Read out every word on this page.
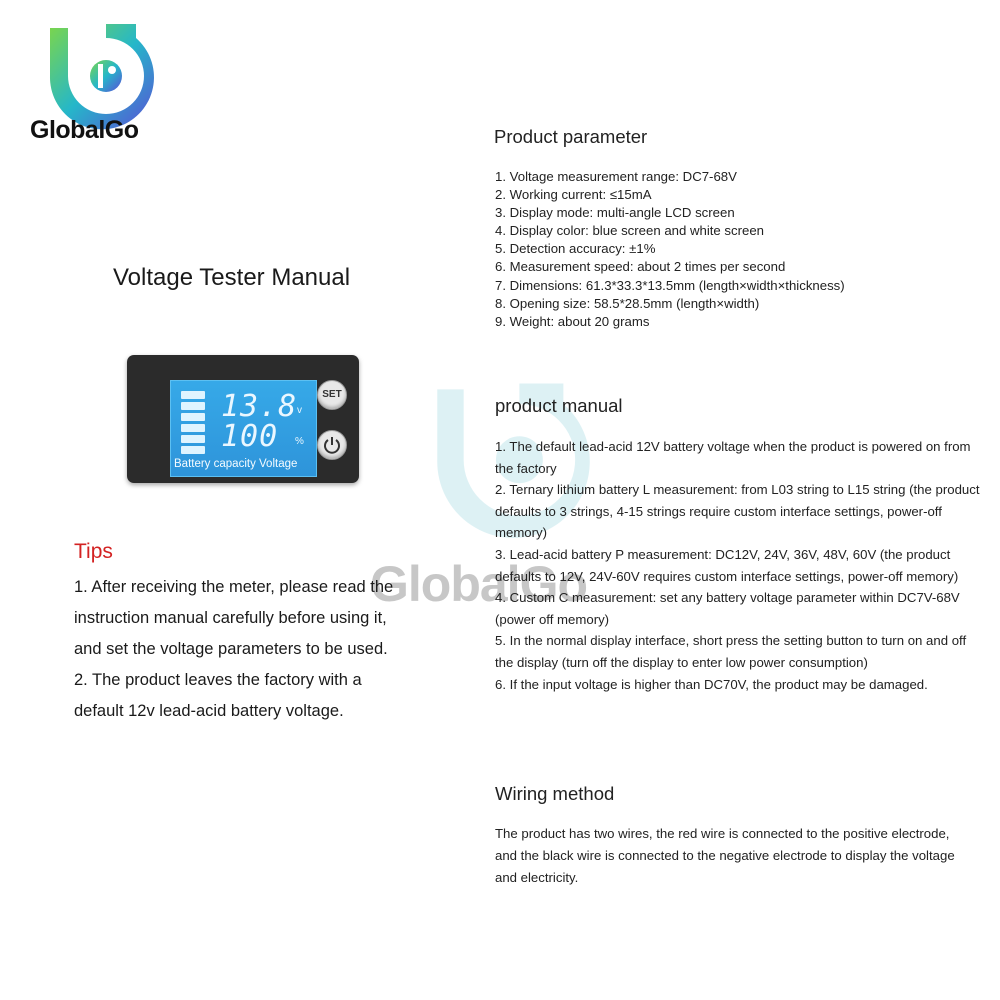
GlobalGo
GlobalGo
Voltage Tester Manual
13.8 v
100 %
Battery capacity Voltage
SET
Tips

1. After receiving the meter, please read the instruction manual carefully before using it, and set the voltage parameters to be used.

2. The product leaves the factory with a default 12v lead-acid battery voltage.

Product parameter

1. Voltage measurement range: DC7-68V

2. Working current: ≤15mA

3. Display mode: multi-angle LCD screen

4. Display color: blue screen and white screen

5. Detection accuracy: ±1%

6. Measurement speed: about 2 times per second

7. Dimensions: 61.3*33.3*13.5mm (length×width×thickness)

8. Opening size: 58.5*28.5mm (length×width)

9. Weight: about 20 grams

product manual

1. The default lead-acid 12V battery voltage when the product is powered on from the factory

2. Ternary lithium battery L measurement: from L03 string to L15 string (the product defaults to 3 strings, 4-15 strings require custom interface settings, power-off memory)

3. Lead-acid battery P measurement: DC12V, 24V, 36V, 48V, 60V (the product defaults to 12V, 24V-60V requires custom interface settings, power-off memory)

4. Custom C measurement: set any battery voltage parameter within DC7V-68V (power off memory)

5. In the normal display interface, short press the setting button to turn on and off the display (turn off the display to enter low power consumption)

6. If the input voltage is higher than DC70V, the product may be damaged.

Wiring method
The product has two wires, the red wire is connected to the positive electrode, and the black wire is connected to the negative electrode to display the voltage and electricity.
